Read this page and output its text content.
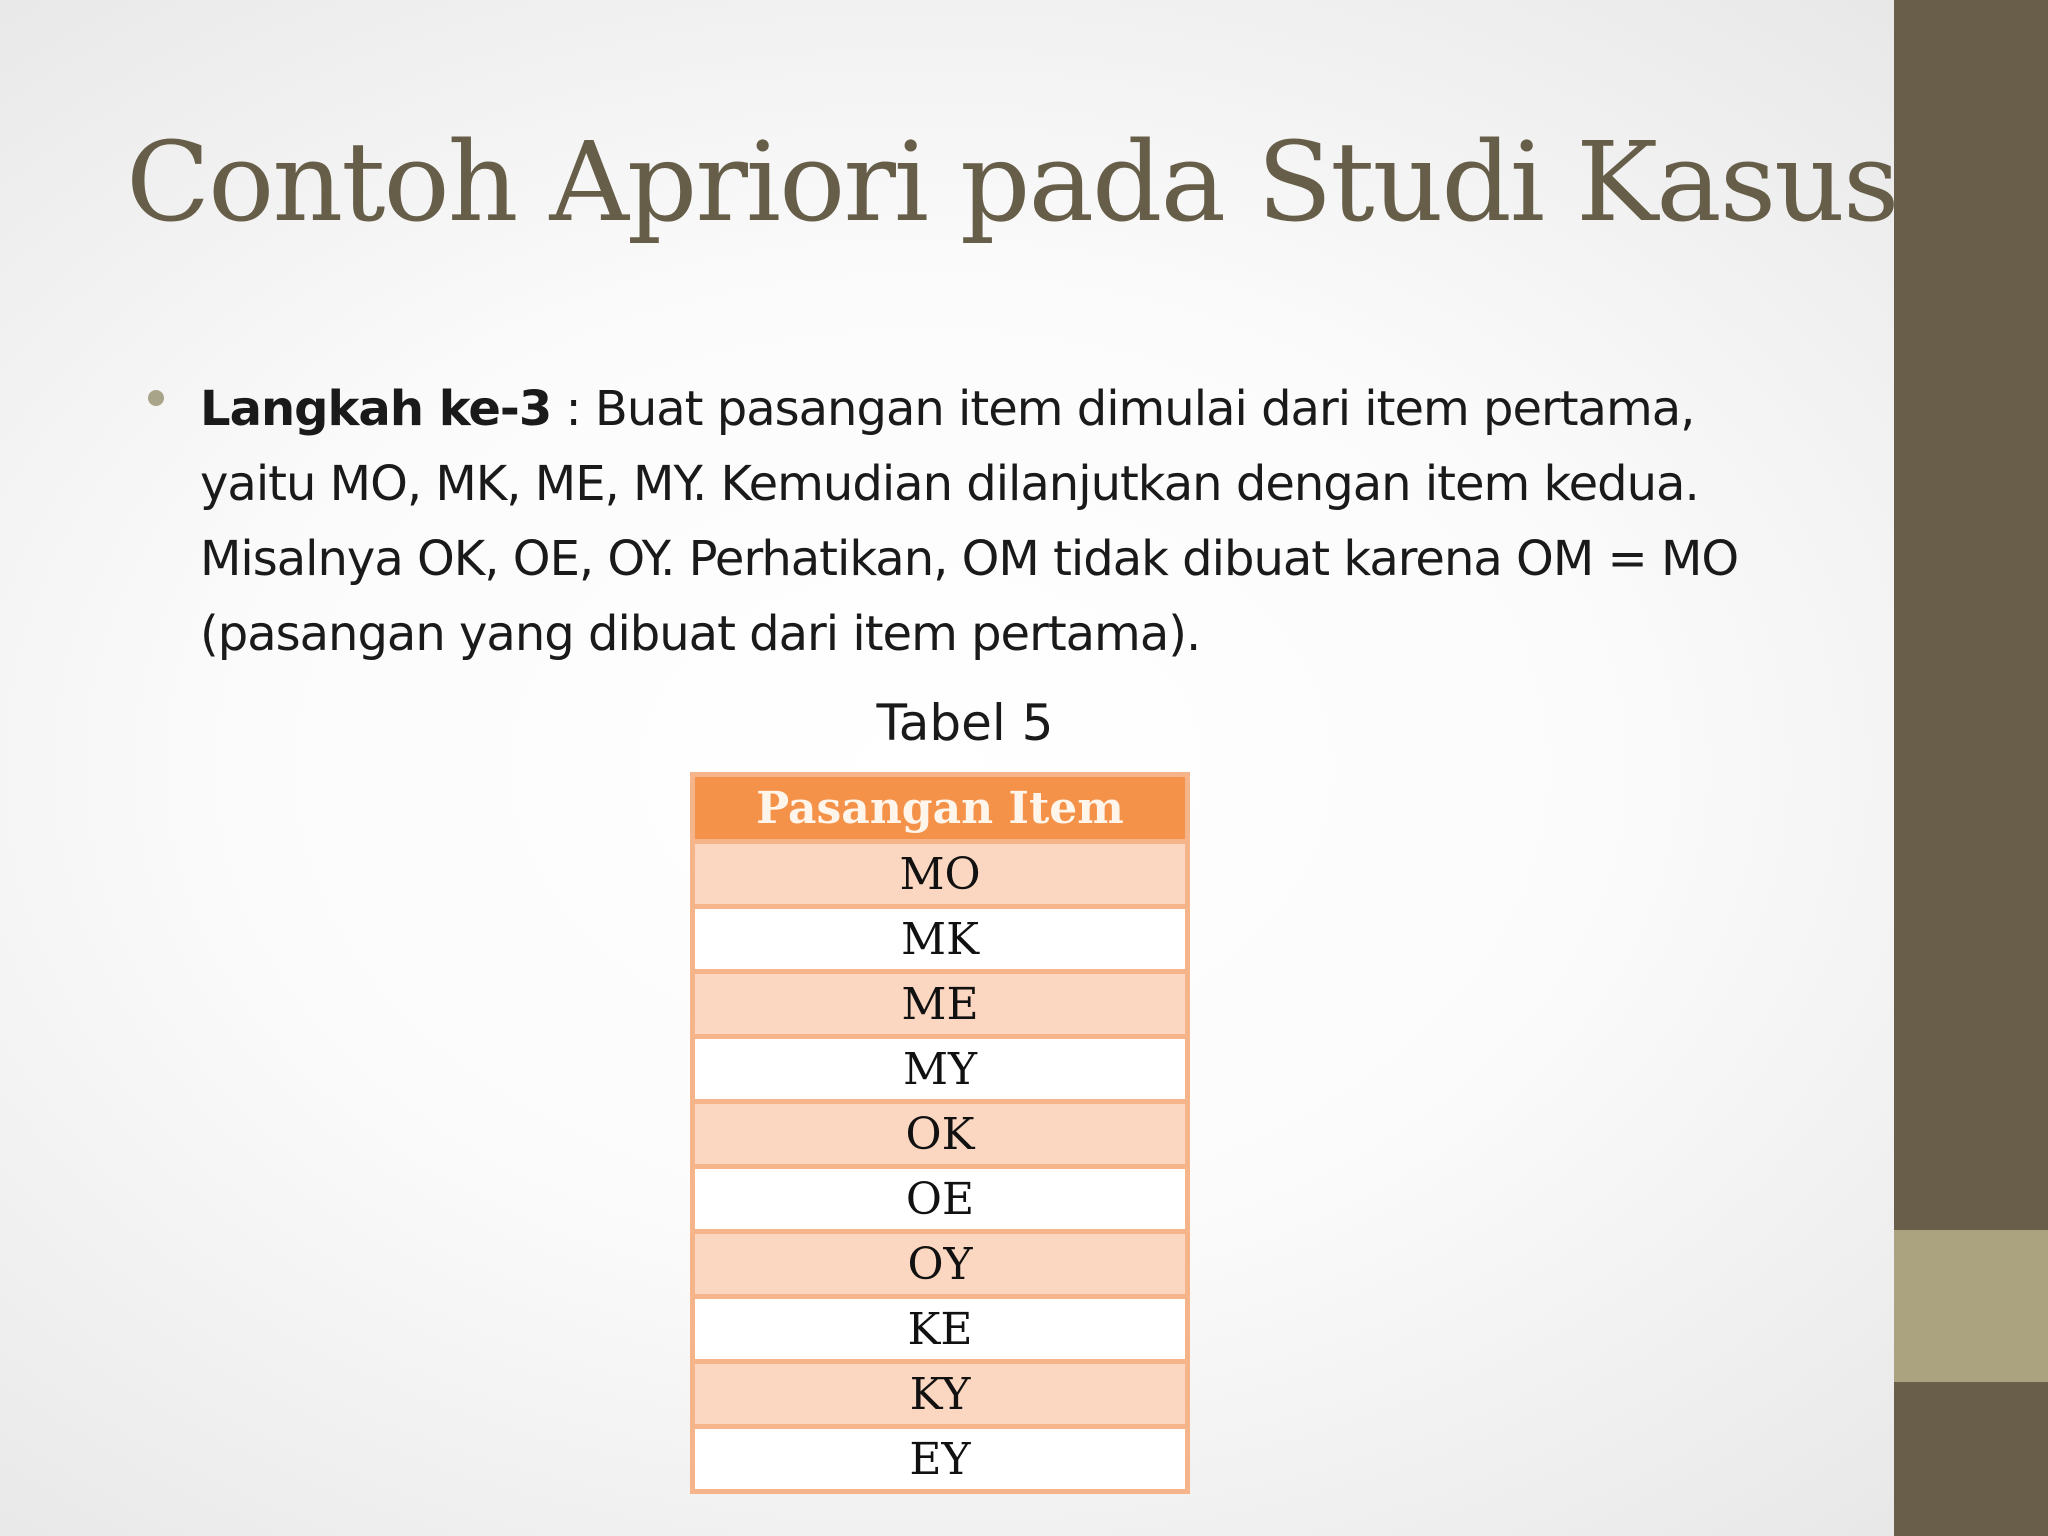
Contoh Apriori pada Studi Kasus

Langkah ke-3 : Buat pasangan item dimulai dari item pertama, yaitu MO, MK, ME, MY. Kemudian dilanjutkan dengan item kedua. Misalnya OK, OE, OY. Perhatikan, OM tidak dibuat karena OM = MO (pasangan yang dibuat dari item pertama).

Tabel 5
Pasangan Item
MO
MK
ME
MY
OK
OE
OY
KE
KY
EY
